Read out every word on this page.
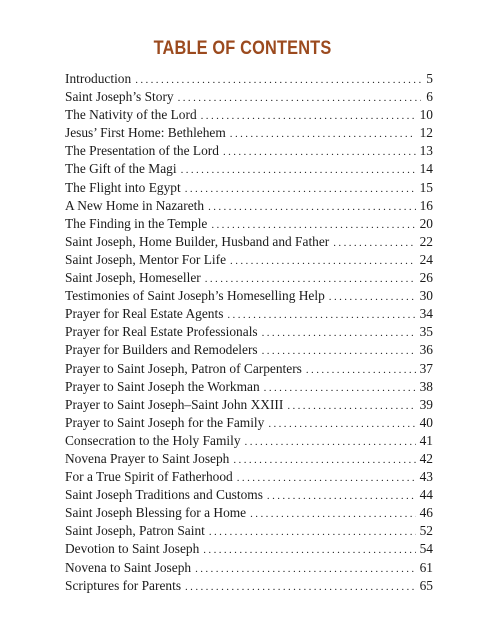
TABLE OF CONTENTS
Introduction .....	5
Saint Joseph’s Story .....	6
The Nativity of the Lord .....	10
Jesus’ First Home: Bethlehem .....	12
The Presentation of the Lord .....	13
The Gift of the Magi .....	14
The Flight into Egypt .....	15
A New Home in Nazareth .....	16
The Finding in the Temple .....	20
Saint Joseph, Home Builder, Husband and Father .....	22
Saint Joseph, Mentor For Life .....	24
Saint Joseph, Homeseller .....	26
Testimonies of Saint Joseph’s Homeselling Help .....	30
Prayer for Real Estate Agents .....	34
Prayer for Real Estate Professionals .....	35
Prayer for Builders and Remodelers .....	36
Prayer to Saint Joseph, Patron of Carpenters .....	37
Prayer to Saint Joseph the Workman .....	38
Prayer to Saint Joseph–Saint John XXIII .....	39
Prayer to Saint Joseph for the Family .....	40
Consecration to the Holy Family .....	41
Novena Prayer to Saint Joseph .....	42
For a True Spirit of Fatherhood .....	43
Saint Joseph Traditions and Customs .....	44
Saint Joseph Blessing for a Home .....	46
Saint Joseph, Patron Saint .....	52
Devotion to Saint Joseph .....	54
Novena to Saint Joseph .....	61
Scriptures for Parents .....	65
